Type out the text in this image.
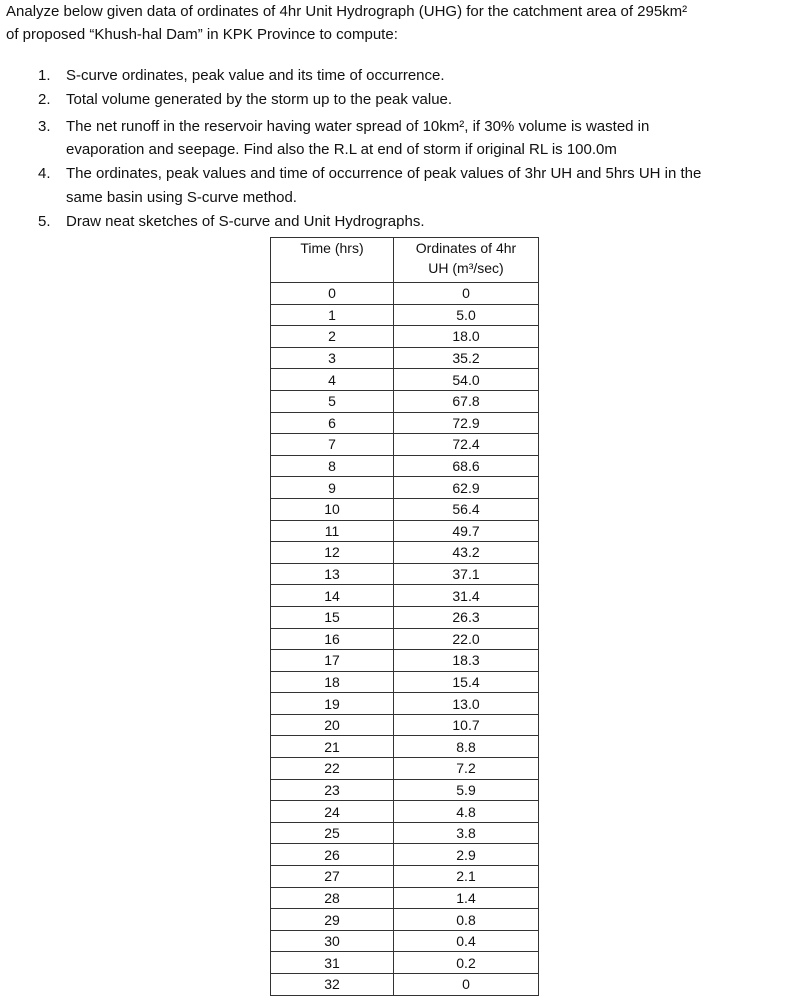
Analyze below given data of ordinates of 4hr Unit Hydrograph (UHG) for the catchment area of 295km²
of proposed “Khush-hal Dam” in KPK Province to compute:
1. S-curve ordinates, peak value and its time of occurrence.
2. Total volume generated by the storm up to the peak value.
3. The net runoff in the reservoir having water spread of 10km², if 30% volume is wasted in
evaporation and seepage. Find also the R.L at end of storm if original RL is 100.0m
4. The ordinates, peak values and time of occurrence of peak values of 3hr UH and 5hrs UH in the
same basin using S-curve method.
5. Draw neat sketches of S-curve and Unit Hydrographs.
Time (hrs)	Ordinates of 4hr
UH (m³/sec)
0	0
1	5.0
2	18.0
3	35.2
4	54.0
5	67.8
6	72.9
7	72.4
8	68.6
9	62.9
10	56.4
11	49.7
12	43.2
13	37.1
14	31.4
15	26.3
16	22.0
17	18.3
18	15.4
19	13.0
20	10.7
21	8.8
22	7.2
23	5.9
24	4.8
25	3.8
26	2.9
27	2.1
28	1.4
29	0.8
30	0.4
31	0.2
32	0
